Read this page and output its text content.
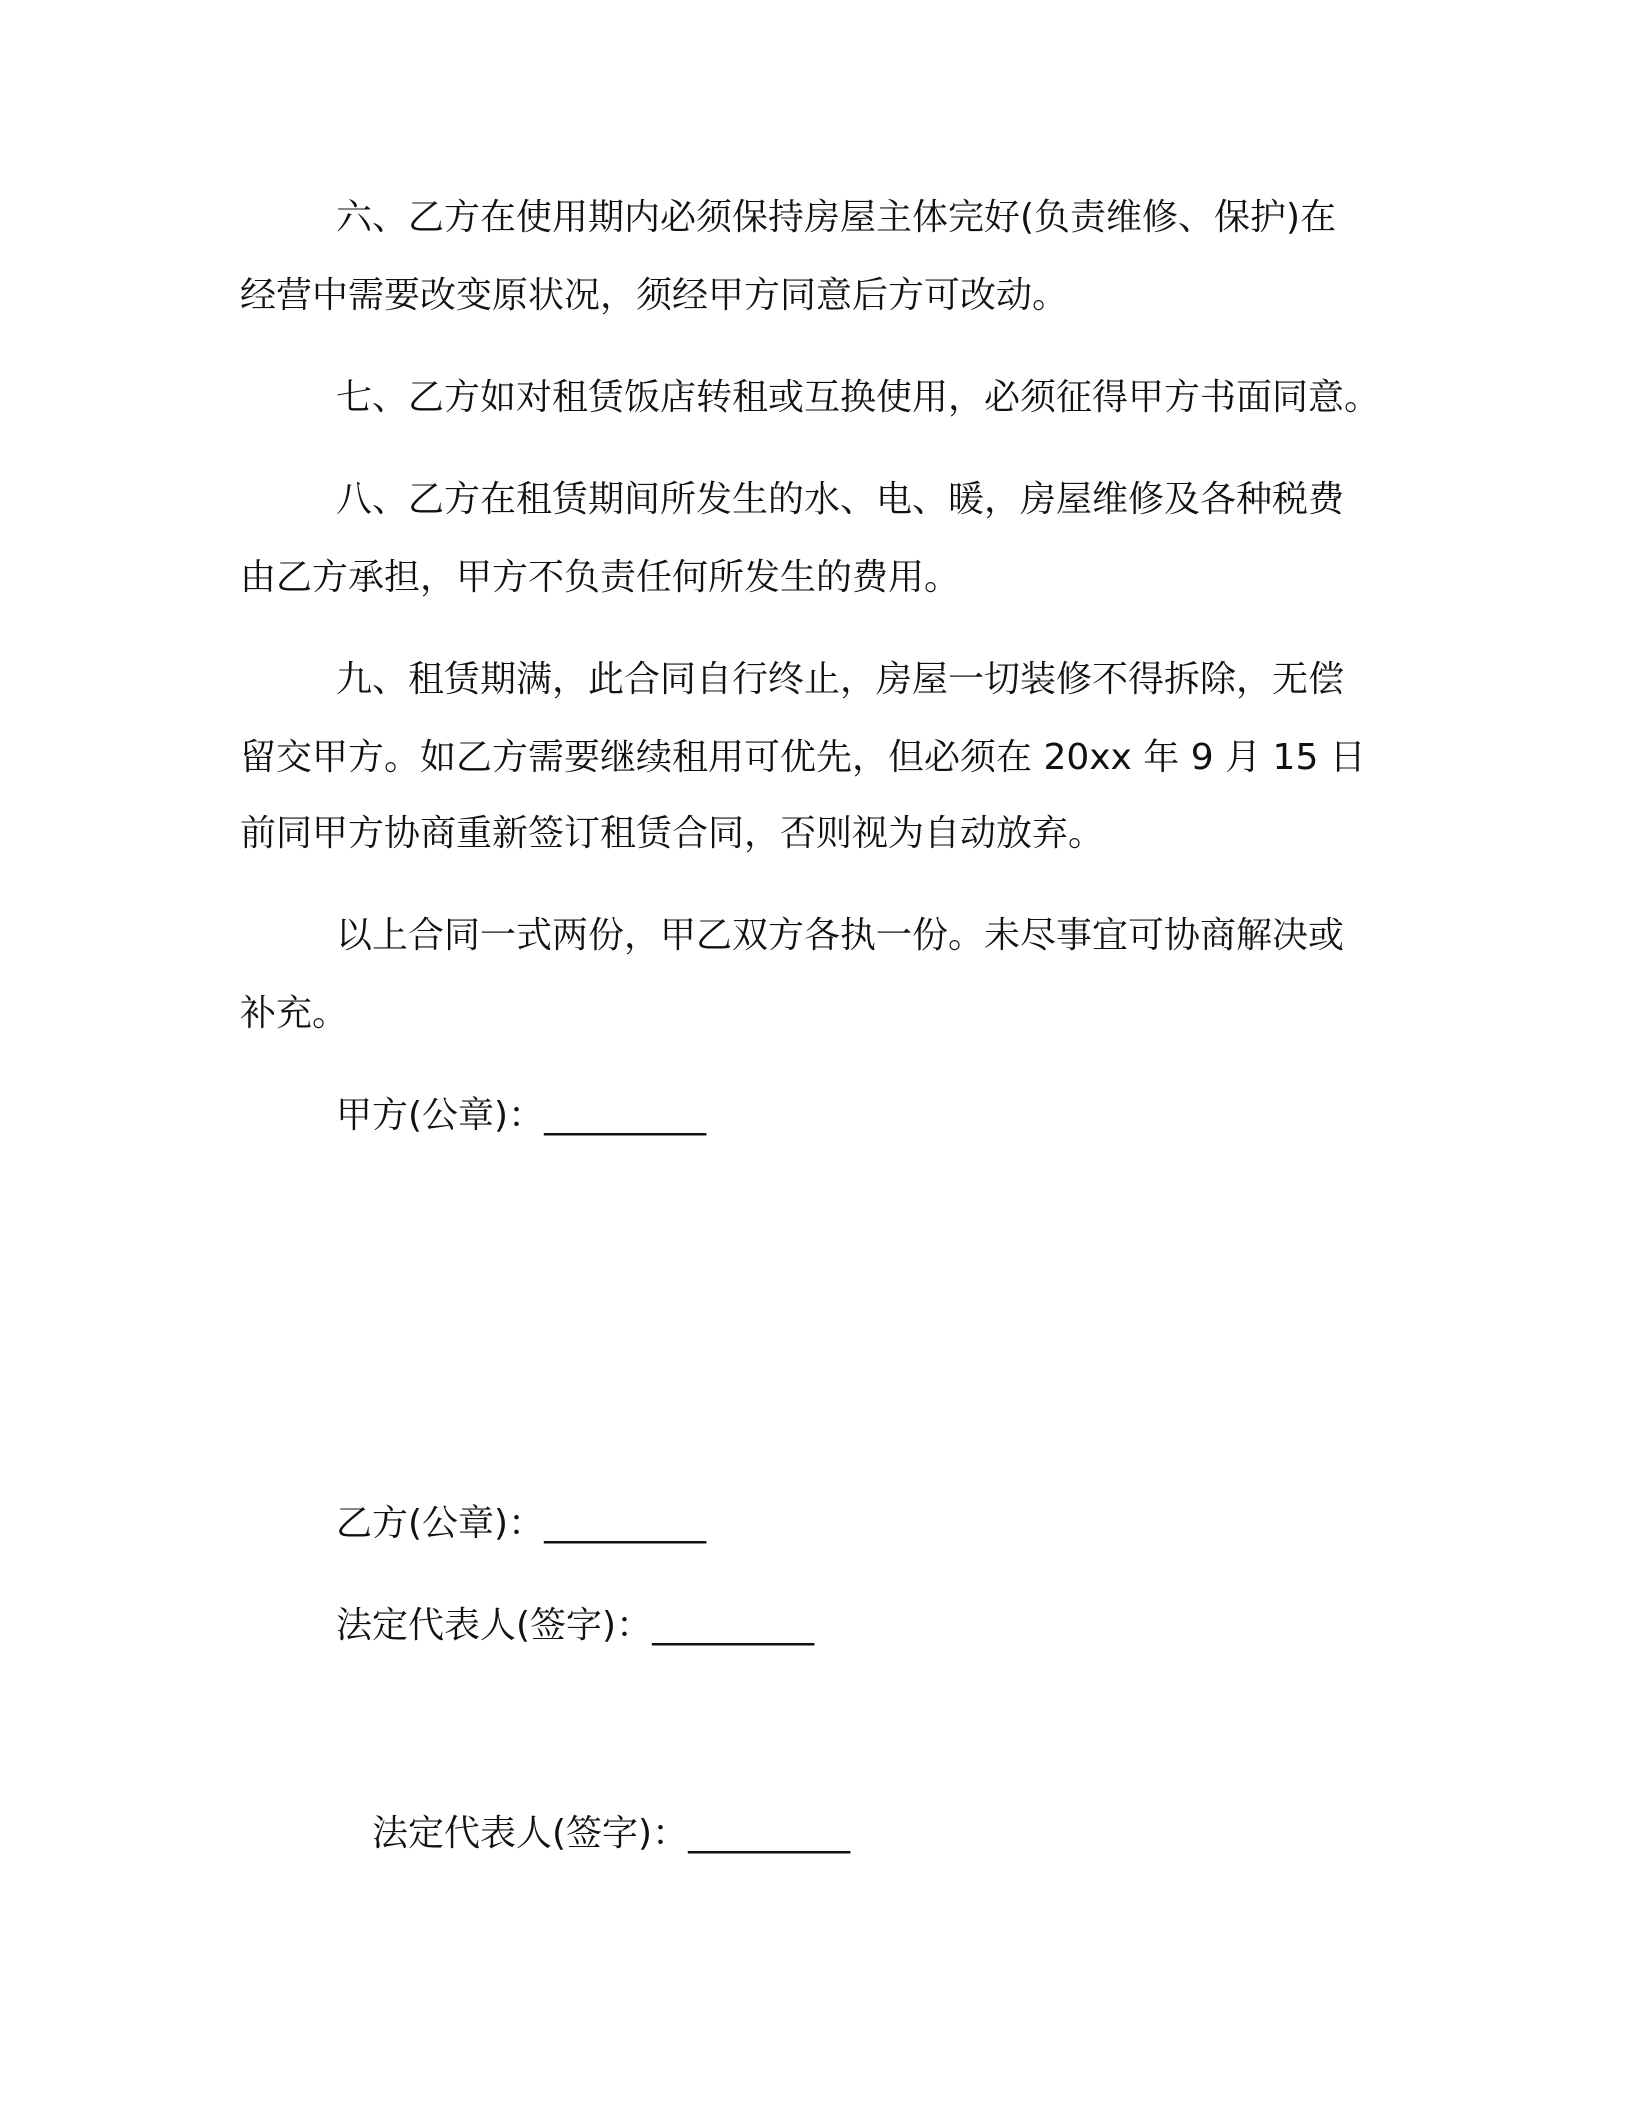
六、乙方在使用期内必须保持房屋主体完好(负责维修、保护)在
经营中需要改变原状况，须经甲方同意后方可改动。
七、乙方如对租赁饭店转租或互换使用，必须征得甲方书面同意。
八、乙方在租赁期间所发生的水、电、暖，房屋维修及各种税费
由乙方承担，甲方不负责任何所发生的费用。
九、租赁期满，此合同自行终止，房屋一切装修不得拆除，无偿
留交甲方。如乙方需要继续租用可优先，但必须在 20xx 年 9 月 15 日
前同甲方协商重新签订租赁合同，否则视为自动放弃。
以上合同一式两份，甲乙双方各执一份。未尽事宜可协商解决或
补充。
甲方(公章)：_________
乙方(公章)：_________
法定代表人(签字)：_________
法定代表人(签字)：_________
